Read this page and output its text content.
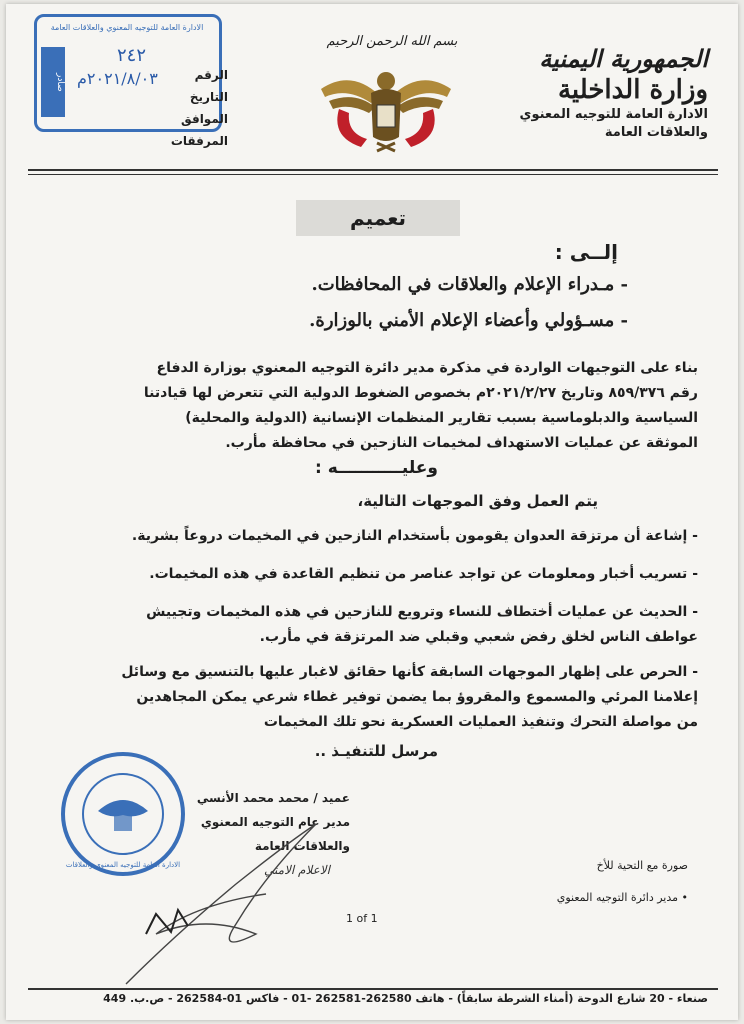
الجمهورية اليمنية
وزارة الداخلية
الادارة العامة للتوجيه المعنوي
والعلاقات العامة
بسم الله الرحمن الرحيم
الادارة العامة للتوجيه المعنوي والعلاقات العامة
٢٤٢
٢٠٢١/٨/٠٣م
صادر	الرقم
التاريخ
الموافق
المرفقات
تعميم
إلــى :
- مـدراء الإعلام والعلاقات في المحافظات.
- مسـؤولي وأعضاء الإعلام الأمني بالوزارة.
بناء على التوجيهات الواردة في مذكرة مدير دائرة التوجيه المعنوي بوزارة الدفاع
رقم ٨٥٩/٣٧٦ وتاريخ ٢٠٢١/٢/٢٧م بخصوص الضغوط الدولية التي تتعرض لها قيادتنا
السياسية والدبلوماسية بسبب تقارير المنظمات الإنسانية (الدولية والمحلية)
الموثقة عن عمليات الاستهداف لمخيمات النازحين في محافظة مأرب.
وعليـــــــــــه :
يتم العمل وفق الموجهات التالية،
- إشاعة أن مرتزقة العدوان يقومون بأستخدام النازحين في المخيمات دروعاً بشرية.
- تسريب أخبار ومعلومات عن تواجد عناصر من تنظيم القاعدة في هذه المخيمات.
- الحديث عن عمليات أختطاف للنساء وترويع للنازحين في هذه المخيمات وتجييش
عواطف الناس لخلق رفض شعبي وقبلي ضد المرتزقة في مأرب.
- الحرص على إظهار الموجهات السابقة كأنها حقائق لاغبار عليها بالتنسيق مع وسائل
إعلامنا المرئي والمسموع والمقروؤ بما يضمن توفير غطاء شرعي يمكن المجاهدين
من مواصلة التحرك وتنفيذ العمليات العسكرية نحو تلك المخيمات
مرسل للتنفيـذ ..
عميد / محمد محمد الأنسي
مدير عام التوجيه المعنوي والعلاقات العامة
الاعلام الامني
الادارة العامة للتوجيه المعنوي والعلاقات	صورة مع التحية للأخ
• مدير دائرة التوجيه المعنوي
1 of 1
صنعاء - 20 شارع الدوحة (أمناء الشرطة سابقاً) - هاتف 262580-262581 -01 - فاكس 01-262584 - ص.ب. 449
